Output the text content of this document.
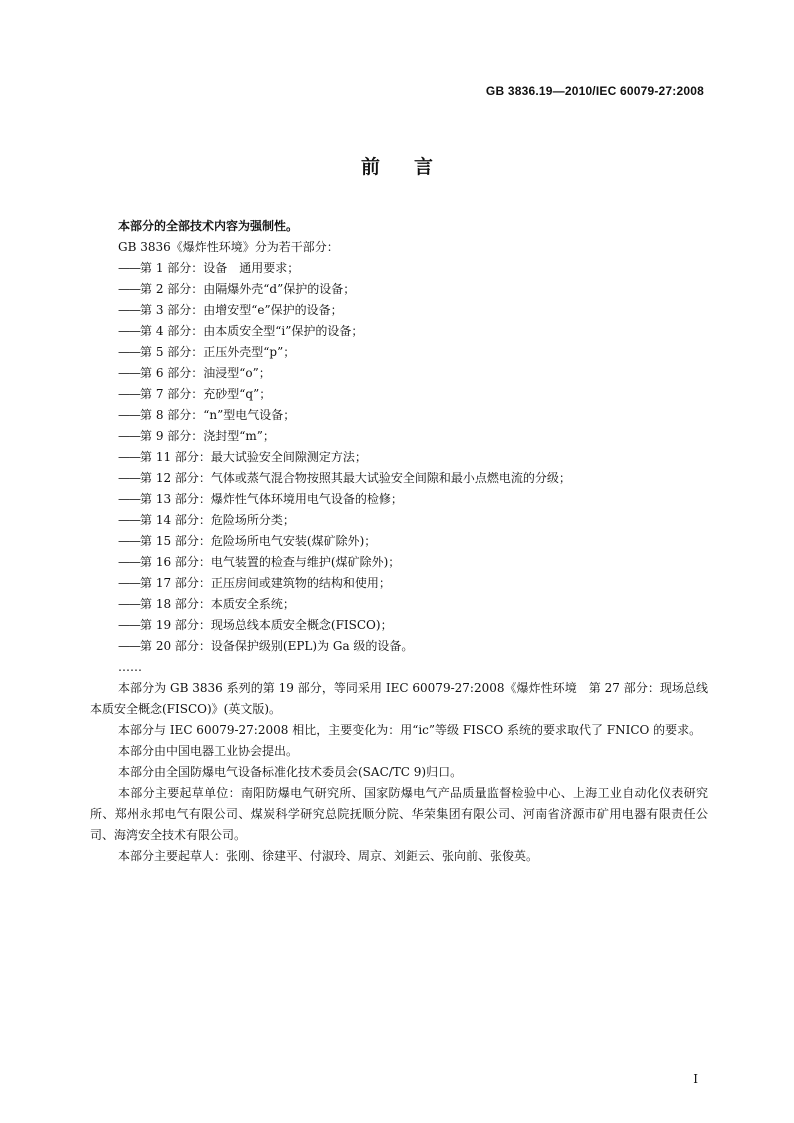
GB 3836.19—2010/IEC 60079-27:2008
前 言
本部分的全部技术内容为强制性。
GB 3836《爆炸性环境》分为若干部分：
——第 1 部分：设备　通用要求；
——第 2 部分：由隔爆外壳“d”保护的设备；
——第 3 部分：由增安型“e”保护的设备；
——第 4 部分：由本质安全型“i”保护的设备；
——第 5 部分：正压外壳型“p”；
——第 6 部分：油浸型“o”；
——第 7 部分：充砂型“q”；
——第 8 部分：“n”型电气设备；
——第 9 部分：浇封型“m”；
——第 11 部分：最大试验安全间隙测定方法；
——第 12 部分：气体或蒸气混合物按照其最大试验安全间隙和最小点燃电流的分级；
——第 13 部分：爆炸性气体环境用电气设备的检修；
——第 14 部分：危险场所分类；
——第 15 部分：危险场所电气安装(煤矿除外)；
——第 16 部分：电气装置的检查与维护(煤矿除外)；
——第 17 部分：正压房间或建筑物的结构和使用；
——第 18 部分：本质安全系统；
——第 19 部分：现场总线本质安全概念(FISCO)；
——第 20 部分：设备保护级别(EPL)为 Ga 级的设备。
……
本部分为 GB 3836 系列的第 19 部分，等同采用 IEC 60079-27:2008《爆炸性环境　第 27 部分：现场总线本质安全概念(FISCO)》(英文版)。
本部分与 IEC 60079-27:2008 相比，主要变化为：用“ic”等级 FISCO 系统的要求取代了 FNICO 的要求。
本部分由中国电器工业协会提出。
本部分由全国防爆电气设备标准化技术委员会(SAC/TC 9)归口。
本部分主要起草单位：南阳防爆电气研究所、国家防爆电气产品质量监督检验中心、上海工业自动化仪表研究所、郑州永邦电气有限公司、煤炭科学研究总院抚顺分院、华荣集团有限公司、河南省济源市矿用电器有限责任公司、海湾安全技术有限公司。
本部分主要起草人：张刚、徐建平、付淑玲、周京、刘鉅云、张向前、张俊英。
I
